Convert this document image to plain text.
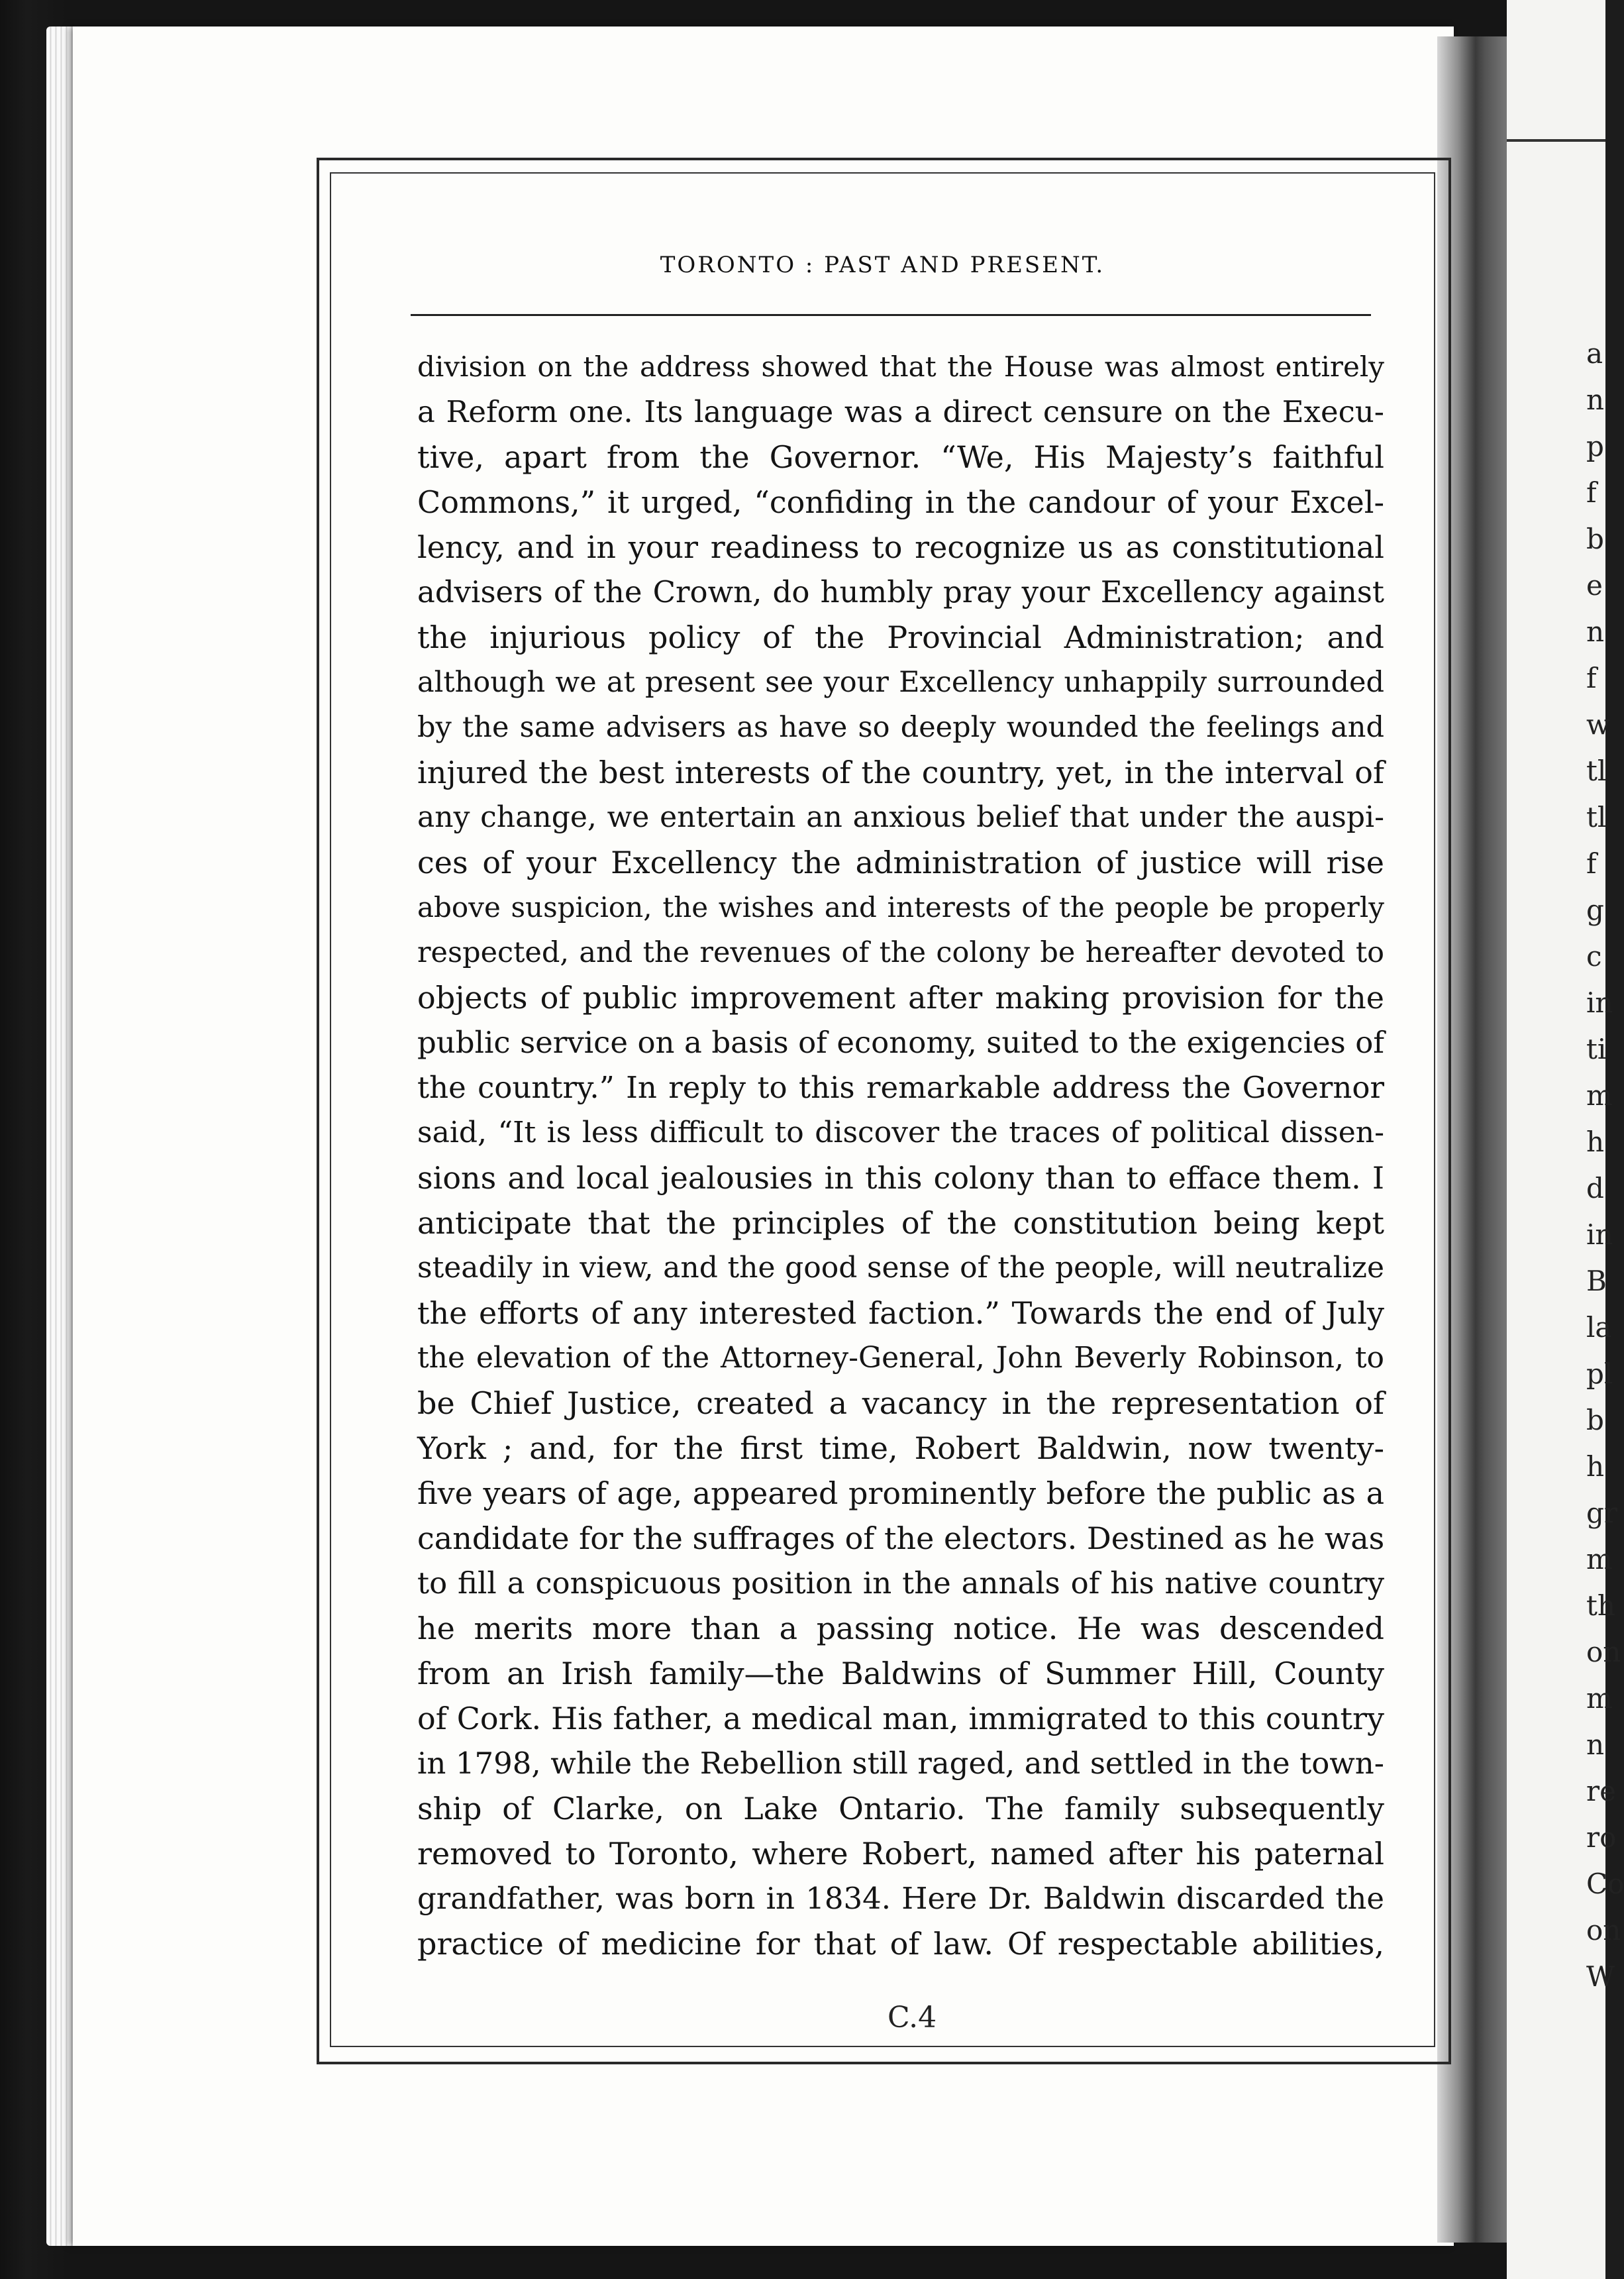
a
n
p
f
b
e
n
f
w
tl
tl
f
g
c
in
ti
m
h
d
in
B
la
pl
b
h
gr
m
th
on
m
n
re
ro
Co
on
W
TORONTO : PAST AND PRESENT.
division on the address showed that the House was almost entirely
a Reform one. Its language was a direct censure on the Execu-
tive, apart from the Governor. “We, His Majesty’s faithful
Commons,” it urged, “confiding in the candour of your Excel-
lency, and in your readiness to recognize us as constitutional
advisers of the Crown, do humbly pray your Excellency against
the injurious policy of the Provincial Administration; and
although we at present see your Excellency unhappily surrounded
by the same advisers as have so deeply wounded the feelings and
injured the best interests of the country, yet, in the interval of
any change, we entertain an anxious belief that under the auspi-
ces of your Excellency the administration of justice will rise
above suspicion, the wishes and interests of the people be properly
respected, and the revenues of the colony be hereafter devoted to
objects of public improvement after making provision for the
public service on a basis of economy, suited to the exigencies of
the country.” In reply to this remarkable address the Governor
said, “It is less difficult to discover the traces of political dissen-
sions and local jealousies in this colony than to efface them. I
anticipate that the principles of the constitution being kept
steadily in view, and the good sense of the people, will neutralize
the efforts of any interested faction.” Towards the end of July
the elevation of the Attorney-General, John Beverly Robinson, to
be Chief Justice, created a vacancy in the representation of
York ; and, for the first time, Robert Baldwin, now twenty-
five years of age, appeared prominently before the public as a
candidate for the suffrages of the electors. Destined as he was
to fill a conspicuous position in the annals of his native country
he merits more than a passing notice. He was descended
from an Irish family—the Baldwins of Summer Hill, County
of Cork. His father, a medical man, immigrated to this country
in 1798, while the Rebellion still raged, and settled in the town-
ship of Clarke, on Lake Ontario. The family subsequently
removed to Toronto, where Robert, named after his paternal
grandfather, was born in 1834. Here Dr. Baldwin discarded the
practice of medicine for that of law. Of respectable abilities,
C.4
